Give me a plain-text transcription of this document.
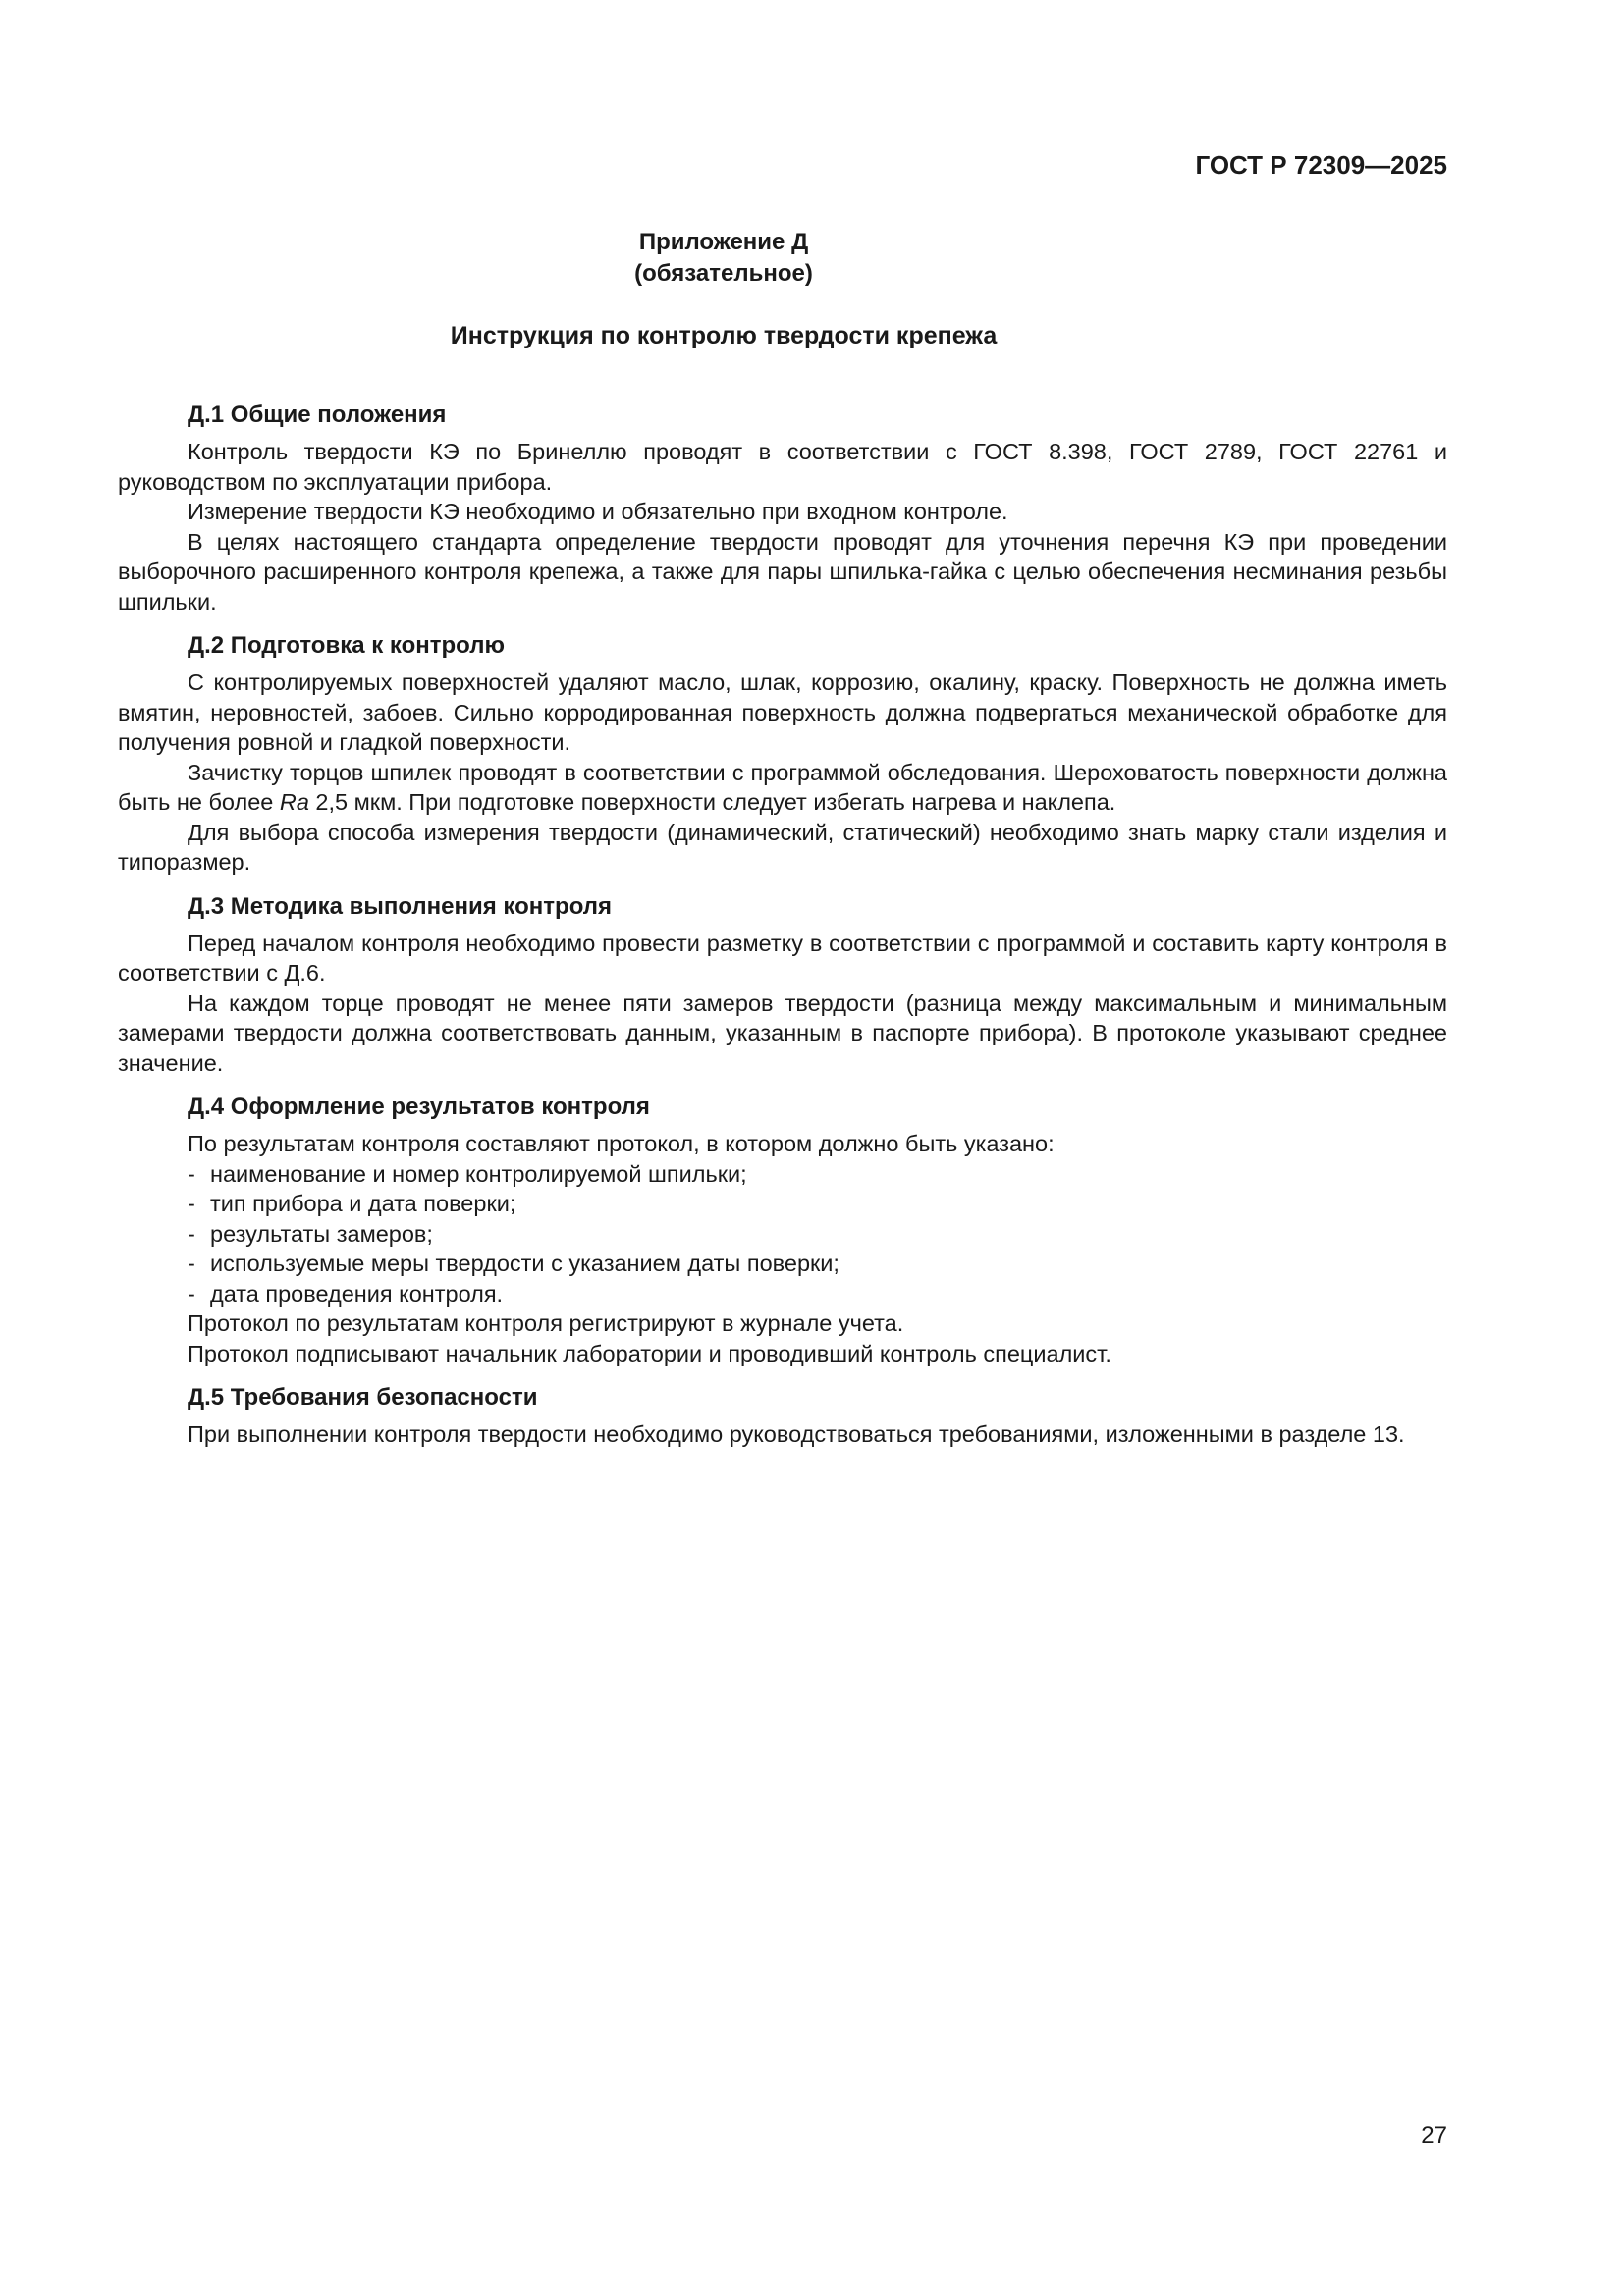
ГОСТ Р 72309—2025
Приложение Д
(обязательное)
Инструкция по контролю твердости крепежа
Д.1 Общие положения

Контроль твердости КЭ по Бринеллю проводят в соответствии с ГОСТ 8.398, ГОСТ 2789, ГОСТ 22761 и руководством по эксплуатации прибора.

Измерение твердости КЭ необходимо и обязательно при входном контроле.

В целях настоящего стандарта определение твердости проводят для уточнения перечня КЭ при проведении выборочного расширенного контроля крепежа, а также для пары шпилька-гайка с целью обеспечения несминания резьбы шпильки.

Д.2 Подготовка к контролю

С контролируемых поверхностей удаляют масло, шлак, коррозию, окалину, краску. Поверхность не должна иметь вмятин, неровностей, забоев. Сильно корродированная поверхность должна подвергаться механической обработке для получения ровной и гладкой поверхности.

Зачистку торцов шпилек проводят в соответствии с программой обследования. Шероховатость поверхности должна быть не более Ra 2,5 мкм. При подготовке поверхности следует избегать нагрева и наклепа.

Для выбора способа измерения твердости (динамический, статический) необходимо знать марку стали изделия и типоразмер.

Д.3 Методика выполнения контроля

Перед началом контроля необходимо провести разметку в соответствии с программой и составить карту контроля в соответствии с Д.6.

На каждом торце проводят не менее пяти замеров твердости (разница между максимальным и минимальным замерами твердости должна соответствовать данным, указанным в паспорте прибора). В протоколе указывают среднее значение.

Д.4 Оформление результатов контроля
По результатам контроля составляют протокол, в котором должно быть указано:
- наименование и номер контролируемой шпильки;
- тип прибора и дата поверки;
- результаты замеров;
- используемые меры твердости с указанием даты поверки;
- дата проведения контроля.
Протокол по результатам контроля регистрируют в журнале учета.
Протокол подписывают начальник лаборатории и проводивший контроль специалист.
Д.5 Требования безопасности

При выполнении контроля твердости необходимо руководствоваться требованиями, изложенными в разделе 13.

27
